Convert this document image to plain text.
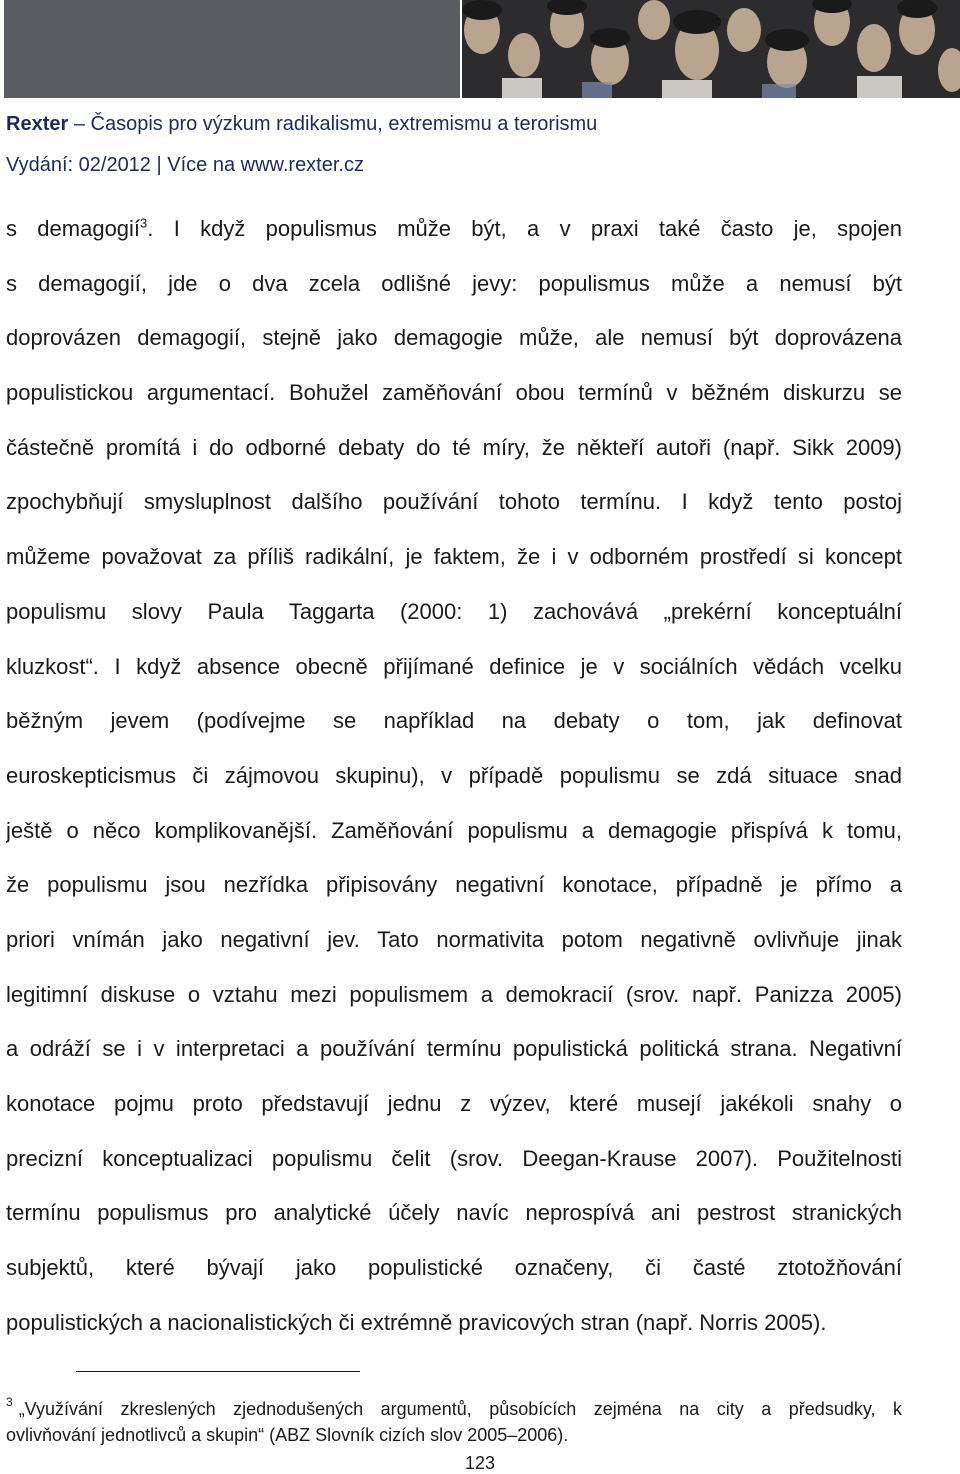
Rexter – Časopis pro výzkum radikalismu, extremismu a terorismu
Vydání: 02/2012 | Více na www.rexter.cz
s demagogií$^3$. I když populismus může být, a v praxi také často je, spojen
s demagogií, jde o dva zcela odlišné jevy: populismus může a nemusí být
doprovázen demagogií, stejně jako demagogie může, ale nemusí být doprovázena
populistickou argumentací. Bohužel zaměňování obou termínů v běžném diskurzu se
částečně promítá i do odborné debaty do té míry, že někteří autoři (např. Sikk 2009)
zpochybňují smysluplnost dalšího používání tohoto termínu. I když tento postoj
můžeme považovat za příliš radikální, je faktem, že i v odborném prostředí si koncept
populismu slovy Paula Taggarta (2000: 1) zachovává „prekérní konceptuální
kluzkost“. I když absence obecně přijímané definice je v sociálních vědách vcelku
běžným jevem (podívejme se například na debaty o tom, jak definovat
euroskepticismus či zájmovou skupinu), v případě populismu se zdá situace snad
ještě o něco komplikovanější. Zaměňování populismu a demagogie přispívá k tomu,
že populismu jsou nezřídka připisovány negativní konotace, případně je přímo a
priori vnímán jako negativní jev. Tato normativita potom negativně ovlivňuje jinak
legitimní diskuse o vztahu mezi populismem a demokracií (srov. např. Panizza 2005)
a odráží se i v interpretaci a používání termínu populistická politická strana. Negativní
konotace pojmu proto představují jednu z výzev, které musejí jakékoli snahy o
precizní konceptualizaci populismu čelit (srov. Deegan-Krause 2007). Použitelnosti
termínu populismus pro analytické účely navíc neprospívá ani pestrost stranických
subjektů, které bývají jako populistické označeny, či časté ztotožňování
populistických a nacionalistických či extrémně pravicových stran (např. Norris 2005).
$^3$ „Využívání zkreslených zjednodušených argumentů, působících zejména na city a předsudky, k
ovlivňování jednotlivců a skupin“ (ABZ Slovník cizích slov 2005–2006).
123
